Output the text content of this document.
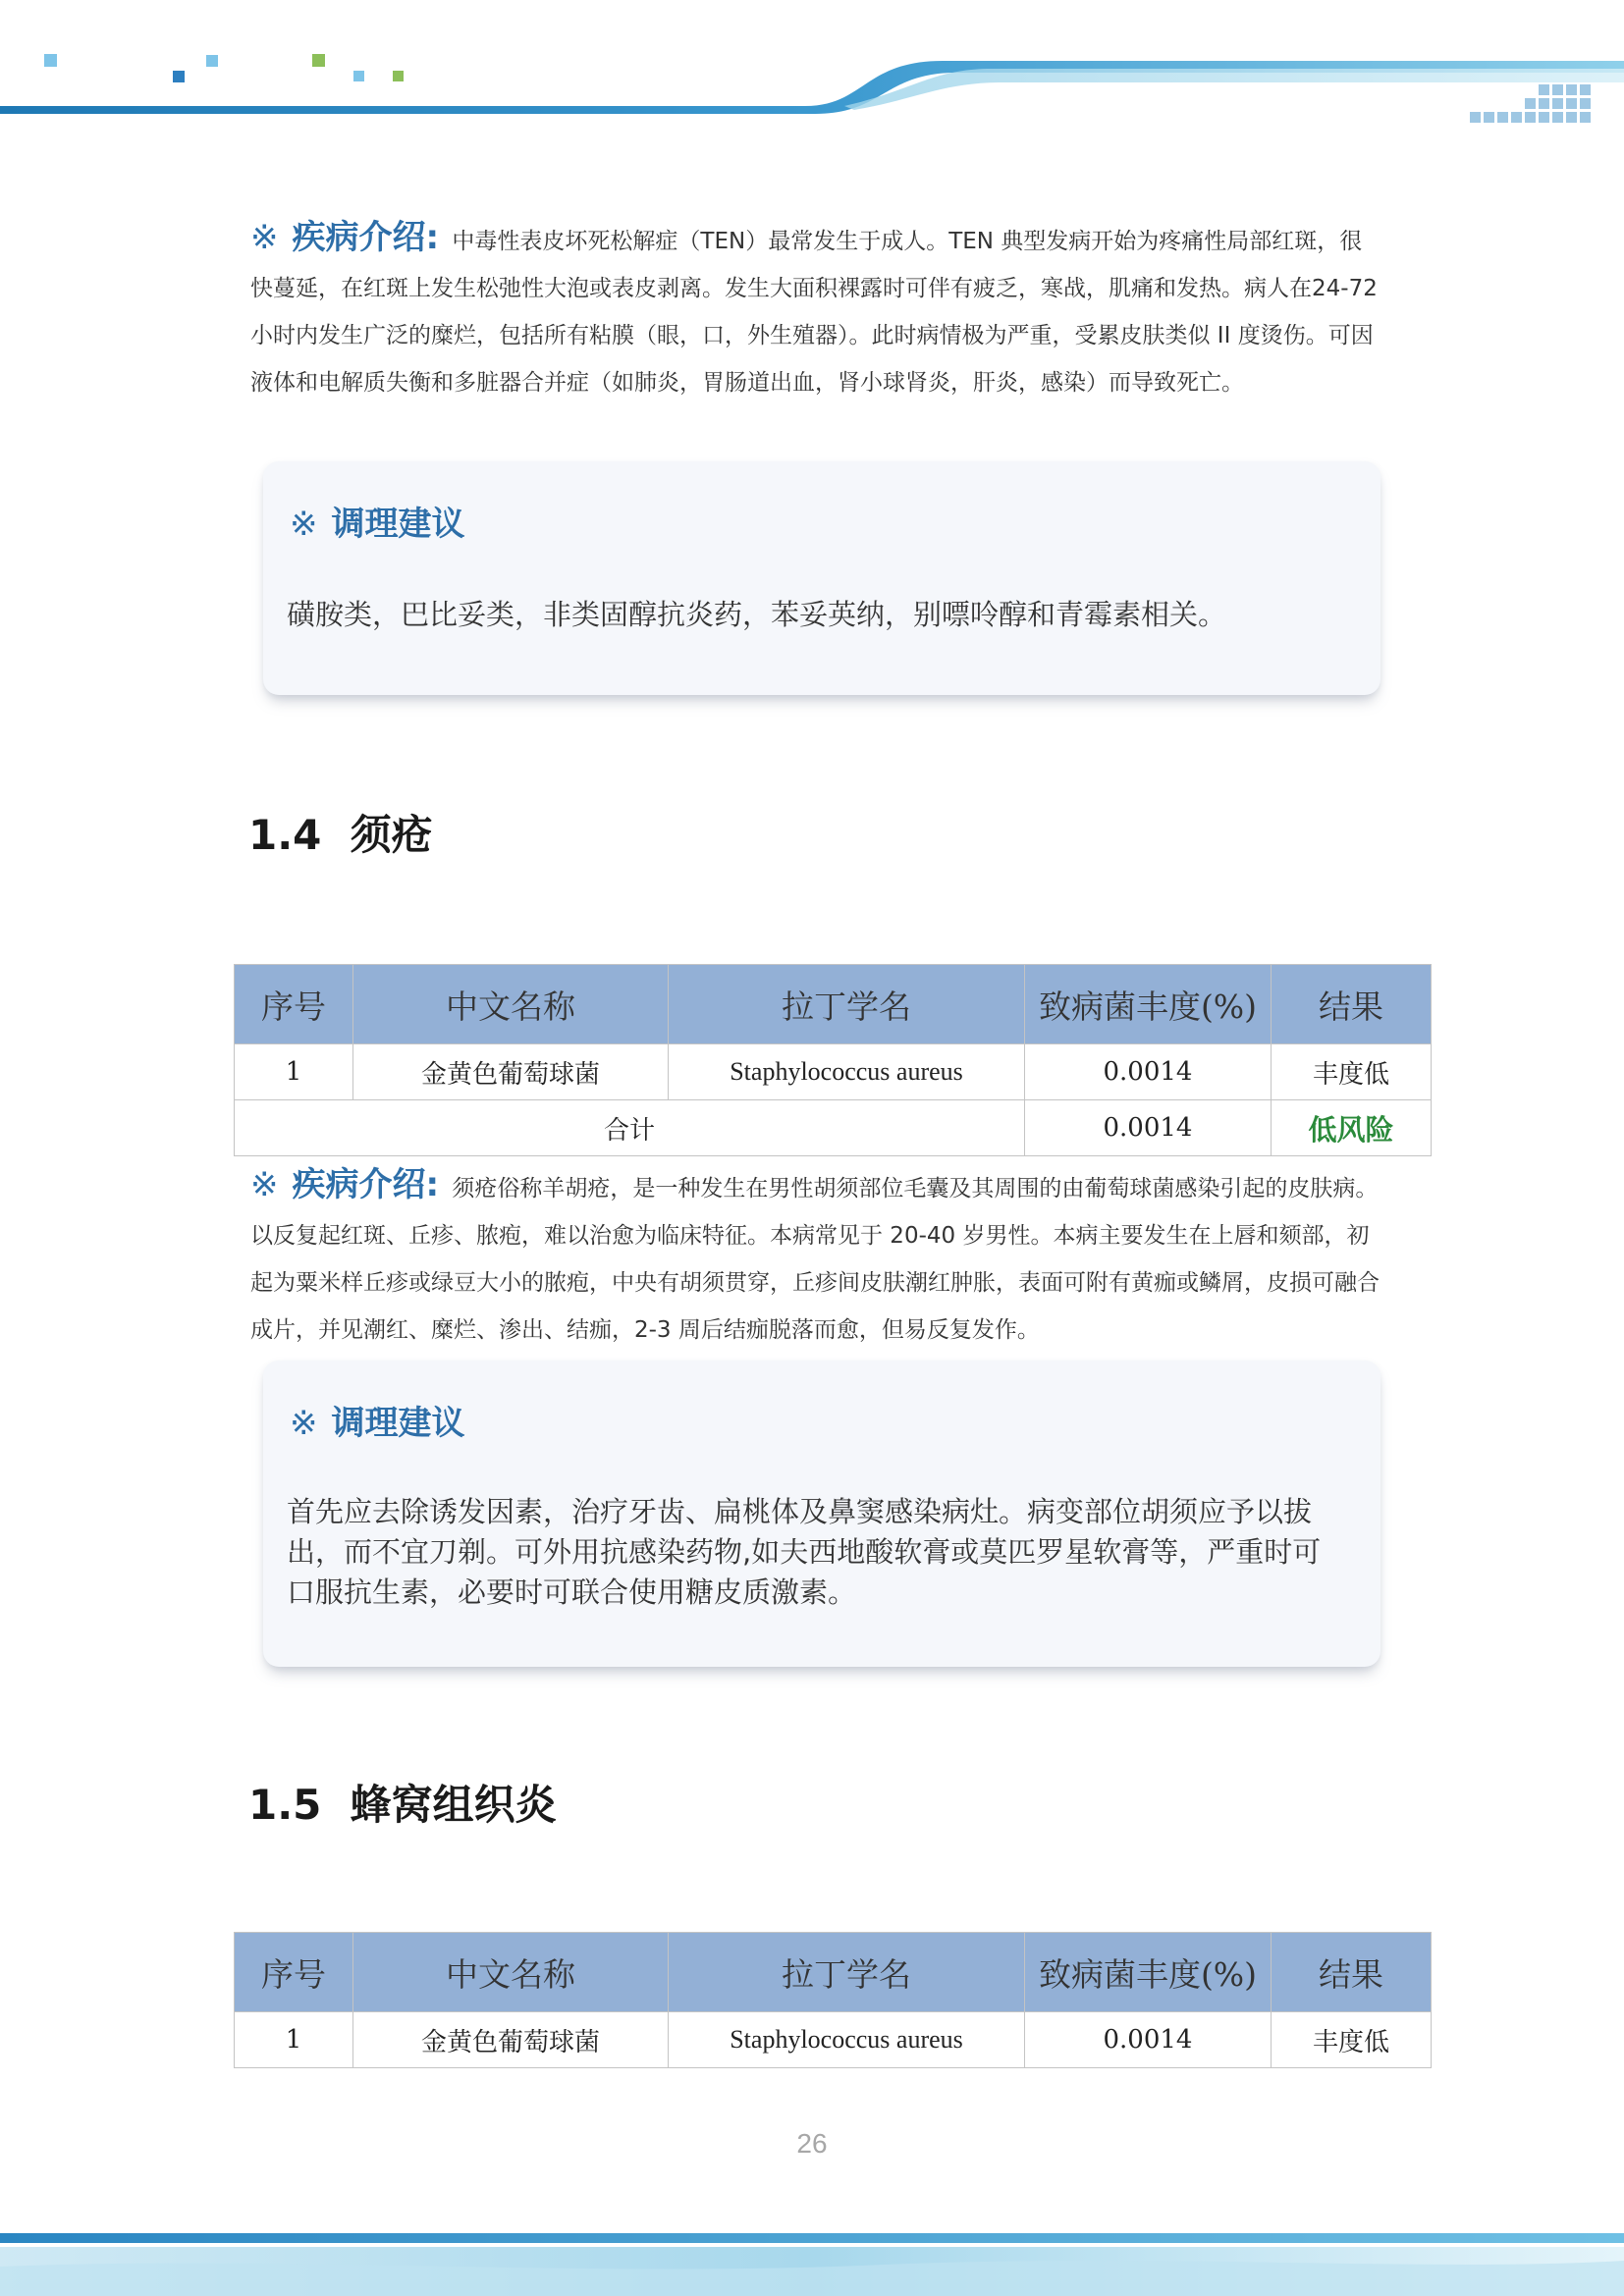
※ 疾病介绍: 中毒性表皮坏死松解症（TEN）最常发生于成人。TEN 典型发病开始为疼痛性局部红斑，很快蔓延，在红斑上发生松弛性大泡或表皮剥离。发生大面积裸露时可伴有疲乏，寒战，肌痛和发热。病人在24-72小时内发生广泛的糜烂，包括所有粘膜（眼，口，外生殖器）。此时病情极为严重，受累皮肤类似 II 度烫伤。可因液体和电解质失衡和多脏器合并症（如肺炎，胃肠道出血，肾小球肾炎，肝炎，感染）而导致死亡。
※ 调理建议
磺胺类，巴比妥类，非类固醇抗炎药，苯妥英纳，别嘌呤醇和青霉素相关。
1.4 须疮
序号	中文名称	拉丁学名	致病菌丰度(%)	结果
1	金黄色葡萄球菌	Staphylococcus aureus	0.0014	丰度低
合计			0.0014	低风险
※ 疾病介绍: 须疮俗称羊胡疮，是一种发生在男性胡须部位毛囊及其周围的由葡萄球菌感染引起的皮肤病。以反复起红斑、丘疹、脓疱，难以治愈为临床特征。本病常见于 20-40 岁男性。本病主要发生在上唇和颏部，初起为粟米样丘疹或绿豆大小的脓疱，中央有胡须贯穿，丘疹间皮肤潮红肿胀，表面可附有黄痂或鳞屑，皮损可融合成片，并见潮红、糜烂、渗出、结痂，2-3 周后结痂脱落而愈，但易反复发作。
※ 调理建议
首先应去除诱发因素，治疗牙齿、扁桃体及鼻窦感染病灶。病变部位胡须应予以拔出，而不宜刀剃。可外用抗感染药物,如夫西地酸软膏或莫匹罗星软膏等，严重时可口服抗生素，必要时可联合使用糖皮质激素。
1.5 蜂窝组织炎
序号	中文名称	拉丁学名	致病菌丰度(%)	结果
1	金黄色葡萄球菌	Staphylococcus aureus	0.0014	丰度低
26
